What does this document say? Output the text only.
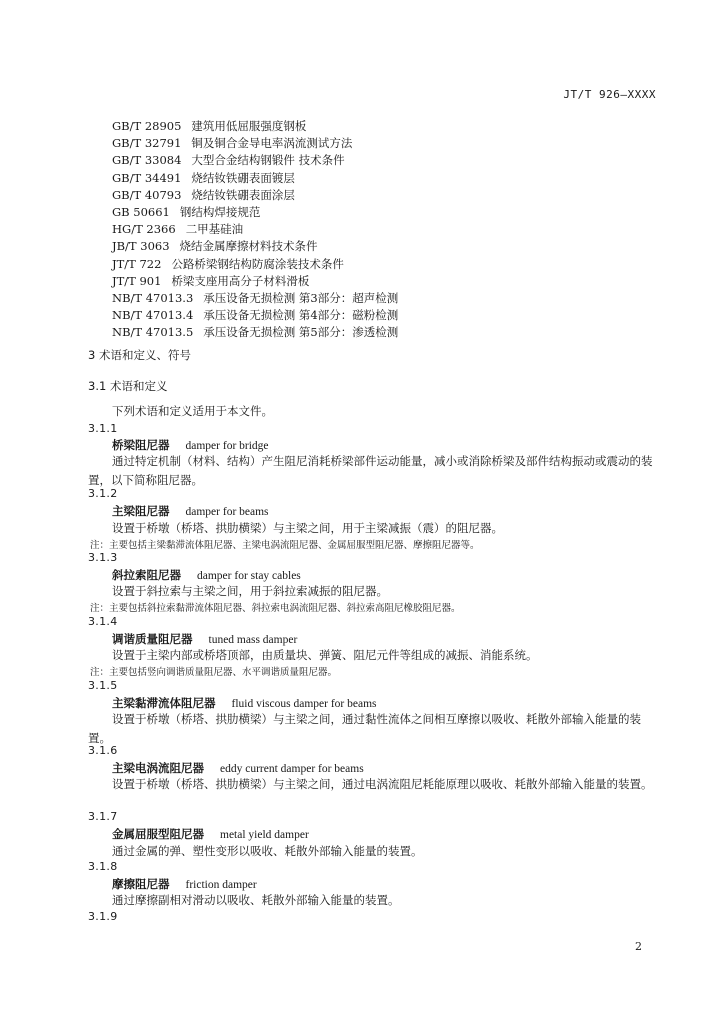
JT/T 926—XXXX
GB/T 28905 建筑用低屈服强度钢板
GB/T 32791 铜及铜合金导电率涡流测试方法
GB/T 33084 大型合金结构钢锻件 技术条件
GB/T 34491 烧结钕铁硼表面镀层
GB/T 40793 烧结钕铁硼表面涂层
GB 50661 钢结构焊接规范
HG/T 2366 二甲基硅油
JB/T 3063 烧结金属摩擦材料技术条件
JT/T 722 公路桥梁钢结构防腐涂装技术条件
JT/T 901 桥梁支座用高分子材料滑板
NB/T 47013.3 承压设备无损检测 第3部分：超声检测
NB/T 47013.4 承压设备无损检测 第4部分：磁粉检测
NB/T 47013.5 承压设备无损检测 第5部分：渗透检测
3 术语和定义、符号
3.1 术语和定义
下列术语和定义适用于本文件。
3.1.1
桥梁阻尼器 damper for bridge
通过特定机制（材料、结构）产生阻尼消耗桥梁部件运动能量，减小或消除桥梁及部件结构振动或震动的装置，以下简称阻尼器。
3.1.2
主梁阻尼器 damper for beams
设置于桥墩（桥塔、拱肋横梁）与主梁之间，用于主梁减振（震）的阻尼器。
注：主要包括主梁黏滞流体阻尼器、主梁电涡流阻尼器、金属屈服型阻尼器、摩擦阻尼器等。
3.1.3
斜拉索阻尼器 damper for stay cables
设置于斜拉索与主梁之间，用于斜拉索减振的阻尼器。
注：主要包括斜拉索黏滞流体阻尼器、斜拉索电涡流阻尼器、斜拉索高阻尼橡胶阻尼器。
3.1.4
调谐质量阻尼器 tuned mass damper
设置于主梁内部或桥塔顶部，由质量块、弹簧、阻尼元件等组成的减振、消能系统。
注：主要包括竖向调谐质量阻尼器、水平调谐质量阻尼器。
3.1.5
主梁黏滞流体阻尼器 fluid viscous damper for beams
设置于桥墩（桥塔、拱肋横梁）与主梁之间，通过黏性流体之间相互摩擦以吸收、耗散外部输入能量的装置。
3.1.6
主梁电涡流阻尼器 eddy current damper for beams
设置于桥墩（桥塔、拱肋横梁）与主梁之间，通过电涡流阻尼耗能原理以吸收、耗散外部输入能量的装置。
3.1.7
金属屈服型阻尼器 metal yield damper
通过金属的弹、塑性变形以吸收、耗散外部输入能量的装置。
3.1.8
摩擦阻尼器 friction damper
通过摩擦副相对滑动以吸收、耗散外部输入能量的装置。
3.1.9
2
